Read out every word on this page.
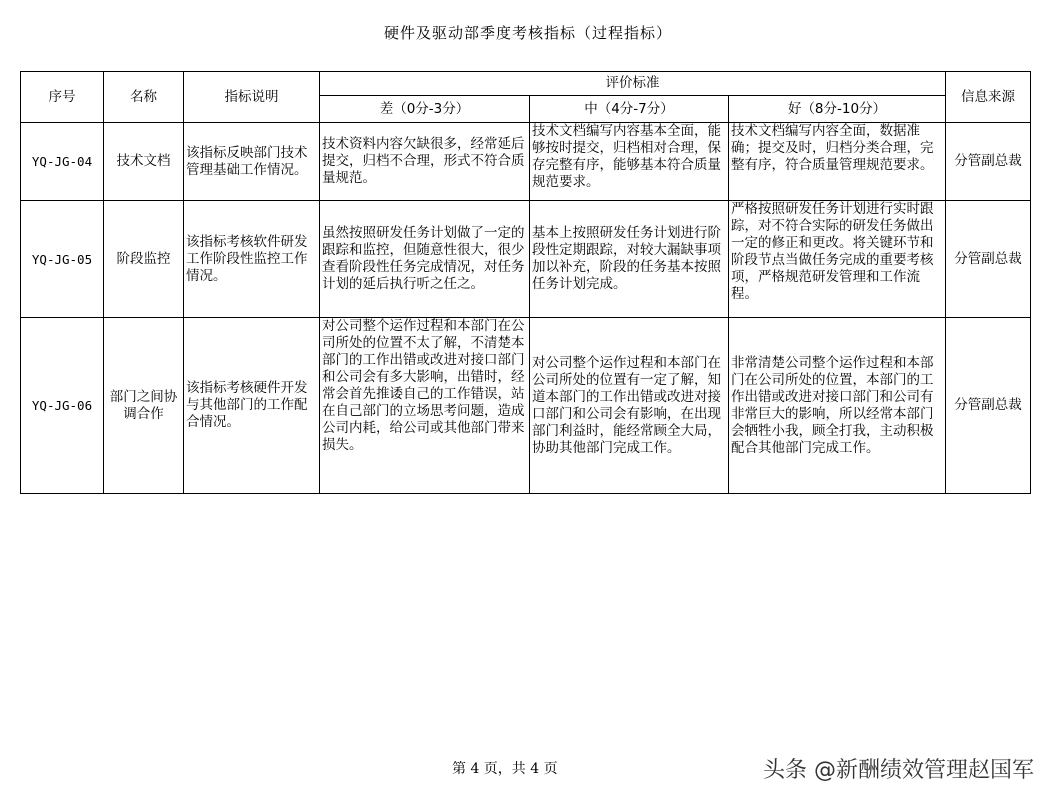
硬件及驱动部季度考核指标（过程指标）
序号	名称	指标说明	评价标准			信息来源
			差（0分-3分）	中（4分-7分）	好（8分-10分）	
YQ-JG-04	技术文档	该指标反映部门技术管理基础工作情况。	技术资料内容欠缺很多，经常延后提交，归档不合理，形式不符合质量规范。	技术文档编写内容基本全面，能够按时提交，归档相对合理，保存完整有序，能够基本符合质量规范要求。	技术文档编写内容全面，数据准确；提交及时，归档分类合理，完整有序，符合质量管理规范要求。	分管副总裁
YQ-JG-05	阶段监控	该指标考核软件研发工作阶段性监控工作情况。	虽然按照研发任务计划做了一定的跟踪和监控，但随意性很大，很少查看阶段性任务完成情况，对任务计划的延后执行听之任之。	基本上按照研发任务计划进行阶段性定期跟踪，对较大漏缺事项加以补充，阶段的任务基本按照任务计划完成。	严格按照研发任务计划进行实时跟踪，对不符合实际的研发任务做出一定的修正和更改。将关键环节和阶段节点当做任务完成的重要考核项，严格规范研发管理和工作流程。	分管副总裁
YQ-JG-06	部门之间协调合作	该指标考核硬件开发与其他部门的工作配合情况。	对公司整个运作过程和本部门在公司所处的位置不太了解，不清楚本部门的工作出错或改进对接口部门和公司会有多大影响，出错时，经常会首先推诿自己的工作错误，站在自己部门的立场思考问题，造成公司内耗，给公司或其他部门带来损失。	对公司整个运作过程和本部门在公司所处的位置有一定了解，知道本部门的工作出错或改进对接口部门和公司会有影响，在出现部门利益时，能经常顾全大局，协助其他部门完成工作。	非常清楚公司整个运作过程和本部门在公司所处的位置，本部门的工作出错或改进对接口部门和公司有非常巨大的影响，所以经常本部门会牺牲小我，顾全打我，主动积极配合其他部门完成工作。	分管副总裁
第 4 页，共 4 页	头条 @新酬绩效管理赵国军
